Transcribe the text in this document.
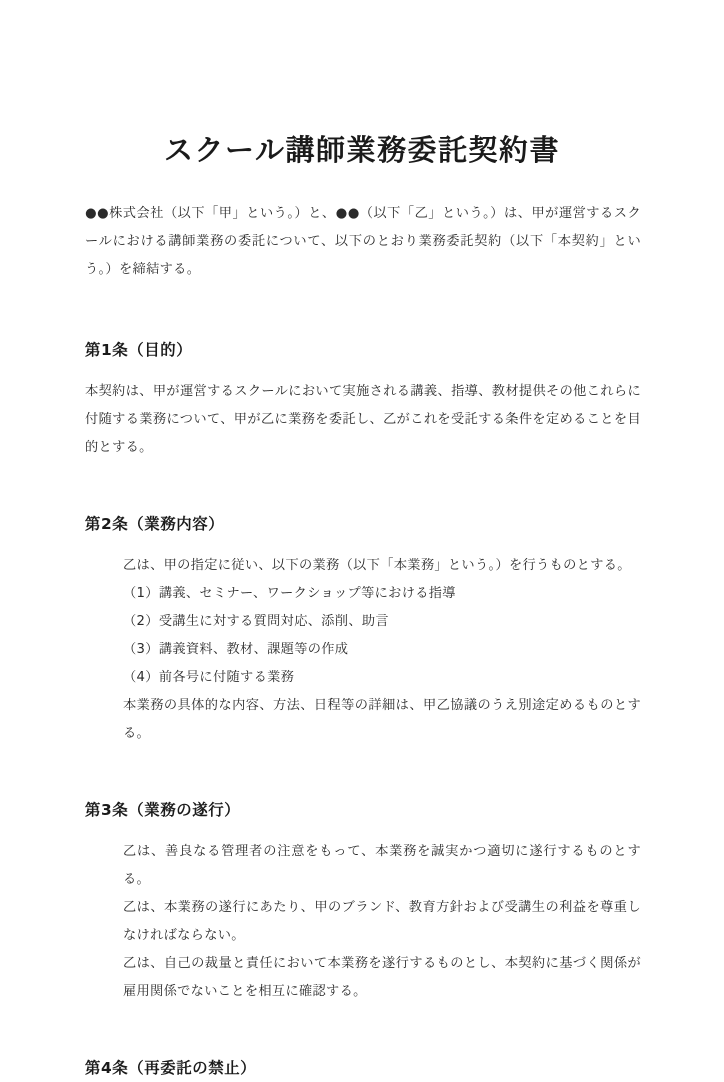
スクール講師業務委託契約書

●●株式会社（以下「甲」という。）と、●●（以下「乙」という。）は、甲が運営するスクールにおける講師業務の委託について、以下のとおり業務委託契約（以下「本契約」という。）を締結する。

第1条（目的）

本契約は、甲が運営するスクールにおいて実施される講義、指導、教材提供その他これらに付随する業務について、甲が乙に業務を委託し、乙がこれを受託する条件を定めることを目的とする。

第2条（業務内容）

乙は、甲の指定に従い、以下の業務（以下「本業務」という。）を行うものとする。

（1）講義、セミナー、ワークショップ等における指導

（2）受講生に対する質問対応、添削、助言

（3）講義資料、教材、課題等の作成

（4）前各号に付随する業務

本業務の具体的な内容、方法、日程等の詳細は、甲乙協議のうえ別途定めるものとする。

第3条（業務の遂行）

乙は、善良なる管理者の注意をもって、本業務を誠実かつ適切に遂行するものとする。

乙は、本業務の遂行にあたり、甲のブランド、教育方針および受講生の利益を尊重しなければならない。

乙は、自己の裁量と責任において本業務を遂行するものとし、本契約に基づく関係が雇用関係でないことを相互に確認する。

第4条（再委託の禁止）
